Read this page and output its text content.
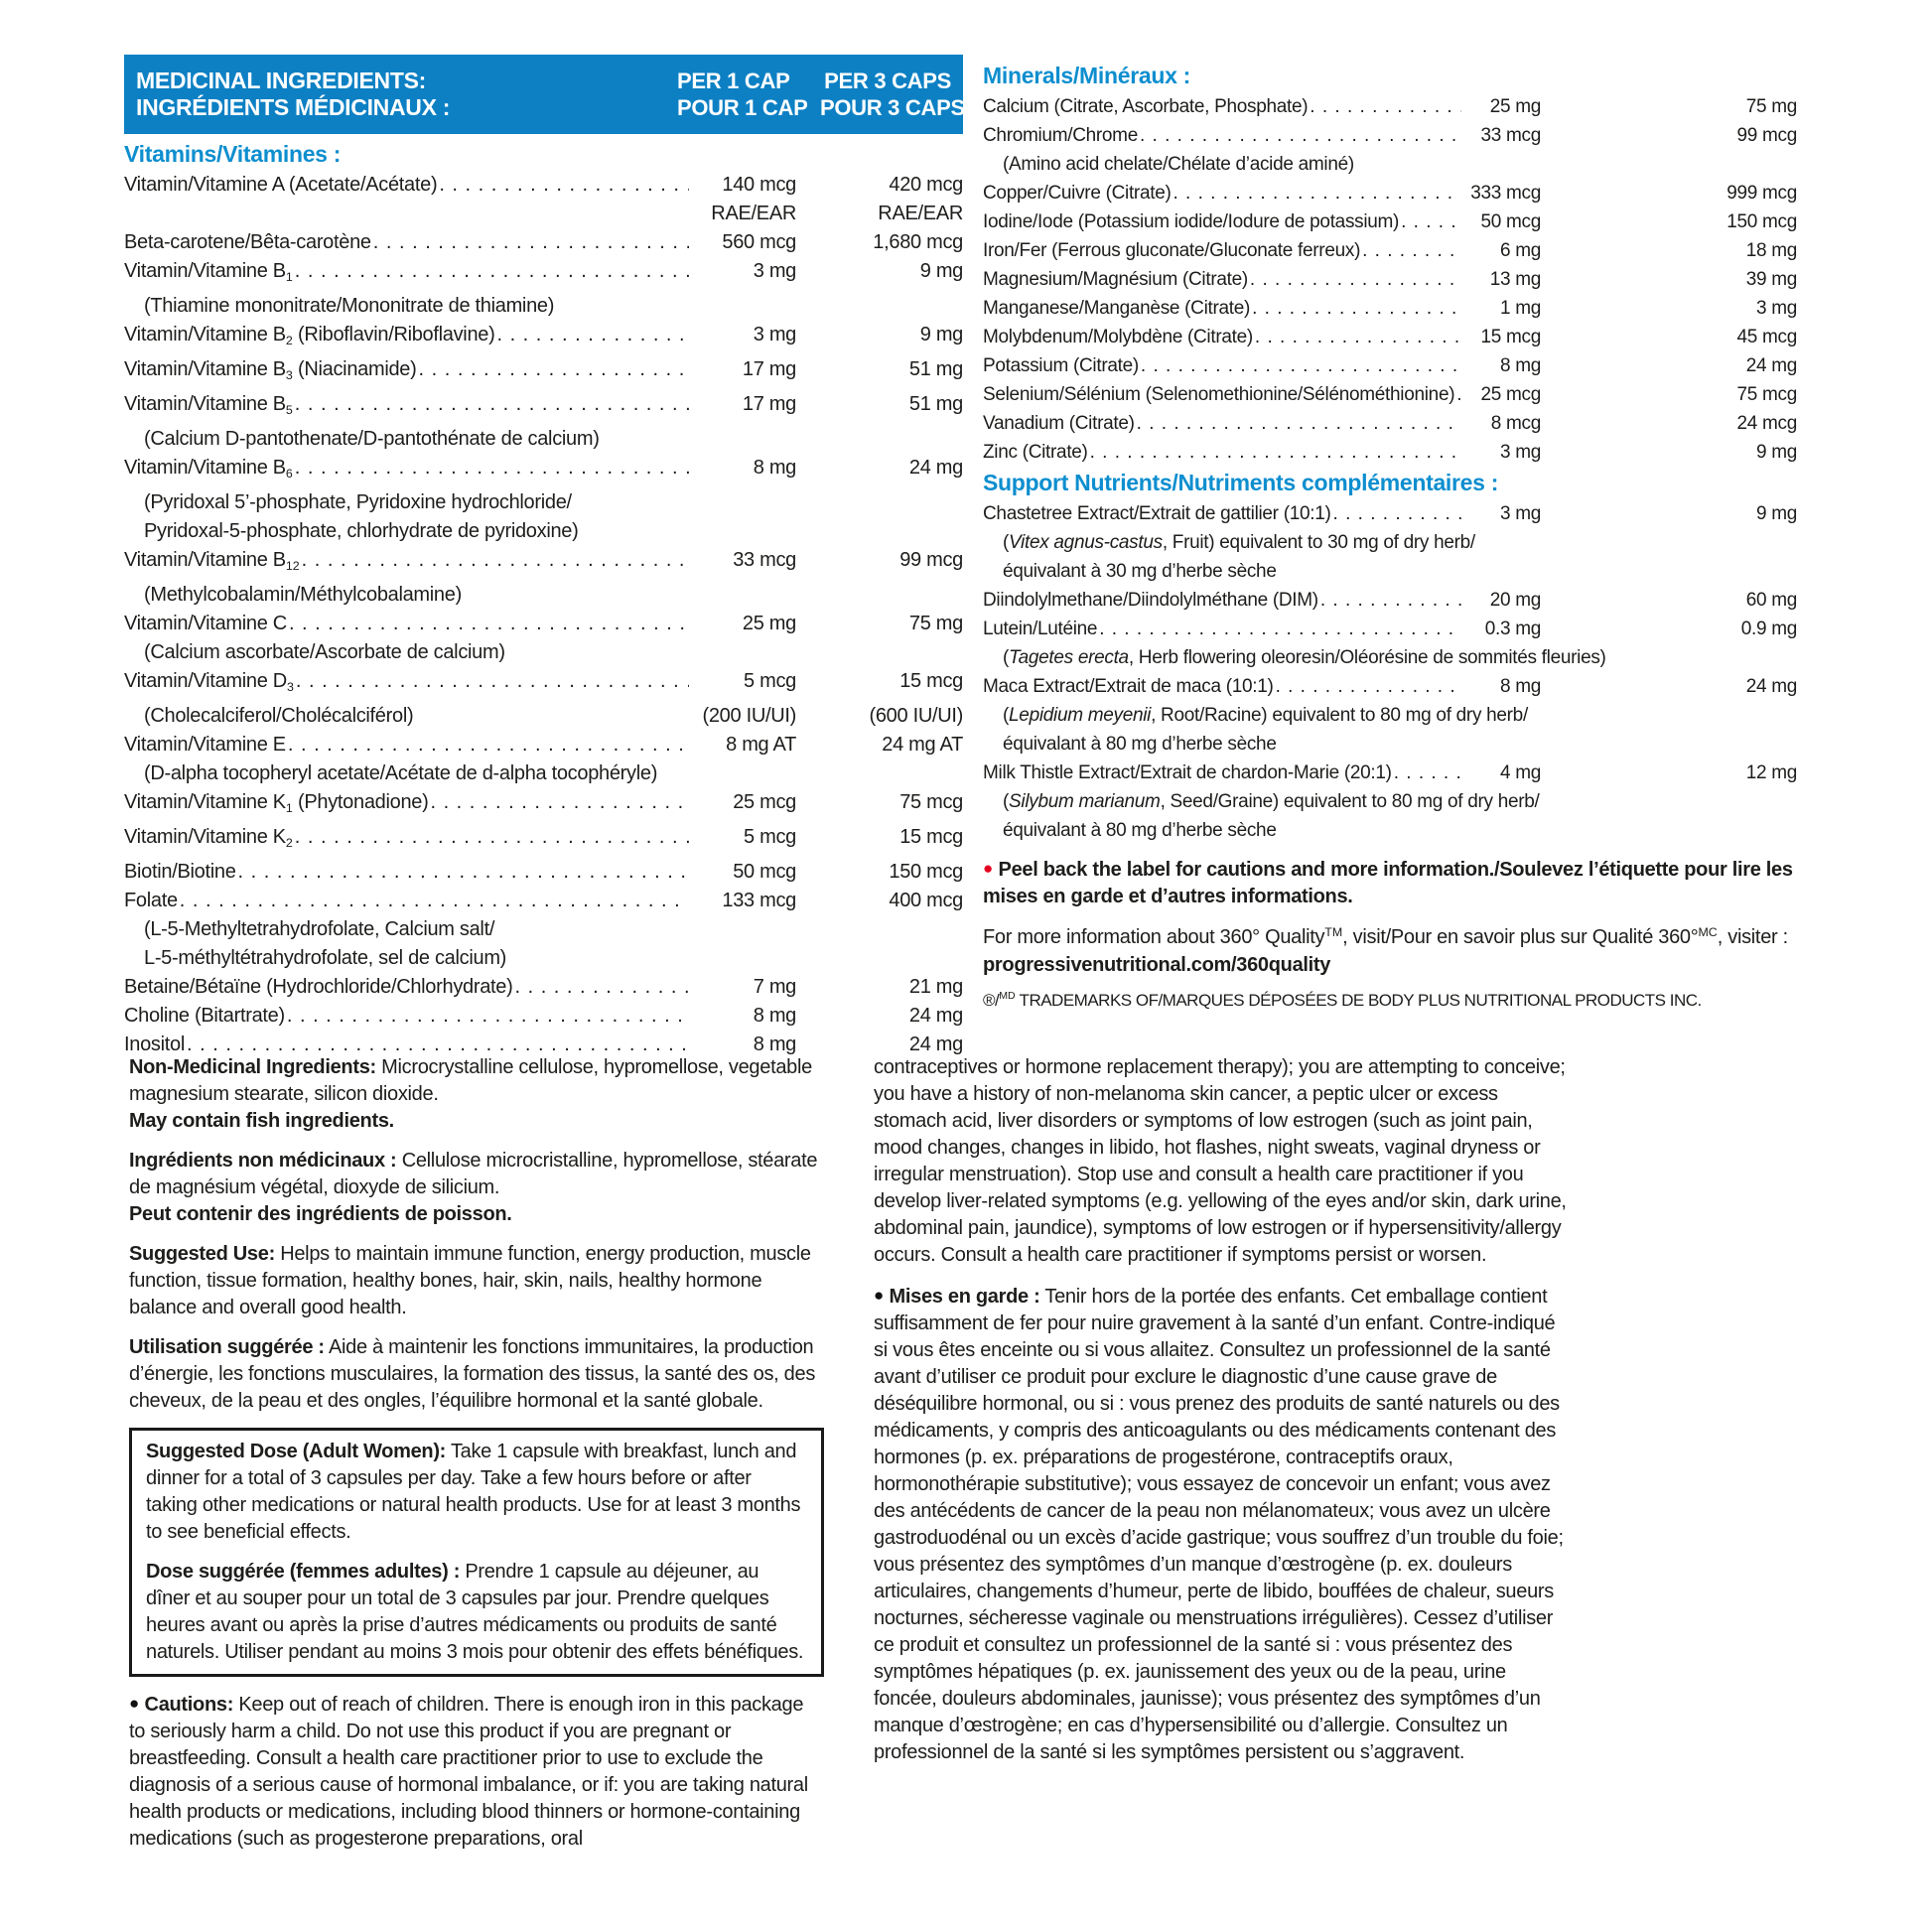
MEDICINAL INGREDIENTS:
INGRÉDIENTS MÉDICINAUX :
PER 1 CAP
POUR 1 CAP
PER 3 CAPS
POUR 3 CAPS
Vitamins/Vitamines :
Vitamin/Vitamine A (Acetate/Acétate) . . .	140 mcg	420 mcg
RAE/EAR	RAE/EAR
Beta-carotene/Bêta-carotène . . .	560 mcg	1,680 mcg
Vitamin/Vitamine $B_1$ . . .	3 mg	9 mg
(Thiamine mononitrate/Mononitrate de thiamine)
Vitamin/Vitamine $B_2$ (Riboflavin/Riboflavine) . . .	3 mg	9 mg
Vitamin/Vitamine $B_3$ (Niacinamide) . . .	17 mg	51 mg
Vitamin/Vitamine $B_5$ . . .	17 mg	51 mg
(Calcium D-pantothenate/D-pantothénate de calcium)
Vitamin/Vitamine $B_6$ . . .	8 mg	24 mg
(Pyridoxal 5’-phosphate, Pyridoxine hydrochloride/
Pyridoxal-5-phosphate, chlorhydrate de pyridoxine)
Vitamin/Vitamine $B_{12}$ . . .	33 mcg	99 mcg
(Methylcobalamin/Méthylcobalamine)
Vitamin/Vitamine C . . .	25 mg	75 mg
(Calcium ascorbate/Ascorbate de calcium)
Vitamin/Vitamine $D_3$ . . .	5 mcg	15 mcg
(Cholecalciferol/Cholécalciférol)	(200 IU/UI)	(600 IU/UI)
Vitamin/Vitamine E . . .	8 mg AT	24 mg AT
(D-alpha tocopheryl acetate/Acétate de d-alpha tocophéryle)
Vitamin/Vitamine $K_1$ (Phytonadione) . . .	25 mcg	75 mcg
Vitamin/Vitamine $K_2$ . . .	5 mcg	15 mcg
Biotin/Biotine . . .	50 mcg	150 mcg
Folate . . .	133 mcg	400 mcg
(L-5-Methyltetrahydrofolate, Calcium salt/
L-5-méthyltétrahydrofolate, sel de calcium)
Betaine/Bétaïne (Hydrochloride/Chlorhydrate) . . .	7 mg	21 mg
Choline (Bitartrate) . . .	8 mg	24 mg
Inositol . . .	8 mg	24 mg
Minerals/Minéraux :
Calcium (Citrate, Ascorbate, Phosphate) . . .	25 mg	75 mg
Chromium/Chrome . . .	33 mcg	99 mcg
(Amino acid chelate/Chélate d’acide aminé)
Copper/Cuivre (Citrate) . . .	333 mcg	999 mcg
Iodine/Iode (Potassium iodide/Iodure de potassium) . . .	50 mcg	150 mcg
Iron/Fer (Ferrous gluconate/Gluconate ferreux) . . .	6 mg	18 mg
Magnesium/Magnésium (Citrate) . . .	13 mg	39 mg
Manganese/Manganèse (Citrate) . . .	1 mg	3 mg
Molybdenum/Molybdène (Citrate) . . .	15 mcg	45 mcg
Potassium (Citrate) . . .	8 mg	24 mg
Selenium/Sélénium (Selenomethionine/Sélénométhionine) . . .	25 mcg	75 mcg
Vanadium (Citrate) . . .	8 mcg	24 mcg
Zinc (Citrate) . . .	3 mg	9 mg
Support Nutrients/Nutriments complémentaires :
Chastetree Extract/Extrait de gattilier (10:1) . . .	3 mg	9 mg
(Vitex agnus-castus, Fruit) equivalent to 30 mg of dry herb/
équivalant à 30 mg d’herbe sèche
Diindolylmethane/Diindolylméthane (DIM) . . .	20 mg	60 mg
Lutein/Lutéine . . .	0.3 mg	0.9 mg
(Tagetes erecta, Herb flowering oleoresin/Oléorésine de sommités fleuries)
Maca Extract/Extrait de maca (10:1) . . .	8 mg	24 mg
(Lepidium meyenii, Root/Racine) equivalent to 80 mg of dry herb/
équivalant à 80 mg d’herbe sèche
Milk Thistle Extract/Extrait de chardon-Marie (20:1) . . .	4 mg	12 mg
(Silybum marianum, Seed/Graine) equivalent to 80 mg of dry herb/
équivalant à 80 mg d’herbe sèche

● Peel back the label for cautions and more information./Soulevez l’étiquette pour lire les mises en garde et d’autres informations.

For more information about 360° Quality™, visit/Pour en savoir plus sur Qualité 360°$^{MC}$, visiter : progressivenutritional.com/360quality

®/$^{MD}$ TRADEMARKS OF/MARQUES DÉPOSÉES DE BODY PLUS NUTRITIONAL PRODUCTS INC.

Non-Medicinal Ingredients: Microcrystalline cellulose, hypromellose, vegetable magnesium stearate, silicon dioxide.
May contain fish ingredients.

Ingrédients non médicinaux : Cellulose microcristalline, hypromellose, stéarate de magnésium végétal, dioxyde de silicium.
Peut contenir des ingrédients de poisson.

Suggested Use: Helps to maintain immune function, energy production, muscle function, tissue formation, healthy bones, hair, skin, nails, healthy hormone balance and overall good health.

Utilisation suggérée : Aide à maintenir les fonctions immunitaires, la production d’énergie, les fonctions musculaires, la formation des tissus, la santé des os, des cheveux, de la peau et des ongles, l’équilibre hormonal et la santé globale.

Suggested Dose (Adult Women): Take 1 capsule with breakfast, lunch and dinner for a total of 3 capsules per day. Take a few hours before or after taking other medications or natural health products. Use for at least 3 months to see beneficial effects.

Dose suggérée (femmes adultes) : Prendre 1 capsule au déjeuner, au dîner et au souper pour un total de 3 capsules par jour. Prendre quelques heures avant ou après la prise d’autres médicaments ou produits de santé naturels. Utiliser pendant au moins 3 mois pour obtenir des effets bénéfiques.

● Cautions: Keep out of reach of children. There is enough iron in this package to seriously harm a child. Do not use this product if you are pregnant or breastfeeding. Consult a health care practitioner prior to use to exclude the diagnosis of a serious cause of hormonal imbalance, or if: you are taking natural health products or medications, including blood thinners or hormone-containing medications (such as progesterone preparations, oral

contraceptives or hormone replacement therapy); you are attempting to conceive; you have a history of non-melanoma skin cancer, a peptic ulcer or excess stomach acid, liver disorders or symptoms of low estrogen (such as joint pain, mood changes, changes in libido, hot flashes, night sweats, vaginal dryness or irregular menstruation). Stop use and consult a health care practitioner if you develop liver-related symptoms (e.g. yellowing of the eyes and/or skin, dark urine, abdominal pain, jaundice), symptoms of low estrogen or if hypersensitivity/allergy occurs. Consult a health care practitioner if symptoms persist or worsen.

● Mises en garde : Tenir hors de la portée des enfants. Cet emballage contient suffisamment de fer pour nuire gravement à la santé d’un enfant. Contre-indiqué si vous êtes enceinte ou si vous allaitez. Consultez un professionnel de la santé avant d’utiliser ce produit pour exclure le diagnostic d’une cause grave de déséquilibre hormonal, ou si : vous prenez des produits de santé naturels ou des médicaments, y compris des anticoagulants ou des médicaments contenant des hormones (p. ex. préparations de progestérone, contraceptifs oraux, hormonothérapie substitutive); vous essayez de concevoir un enfant; vous avez des antécédents de cancer de la peau non mélanomateux; vous avez un ulcère gastroduodénal ou un excès d’acide gastrique; vous souffrez d’un trouble du foie; vous présentez des symptômes d’un manque d’œstrogène (p. ex. douleurs articulaires, changements d’humeur, perte de libido, bouffées de chaleur, sueurs nocturnes, sécheresse vaginale ou menstruations irrégulières). Cessez d’utiliser ce produit et consultez un professionnel de la santé si : vous présentez des symptômes hépatiques (p. ex. jaunissement des yeux ou de la peau, urine foncée, douleurs abdominales, jaunisse); vous présentez des symptômes d’un manque d’œstrogène; en cas d’hypersensibilité ou d’allergie. Consultez un professionnel de la santé si les symptômes persistent ou s’aggravent.
